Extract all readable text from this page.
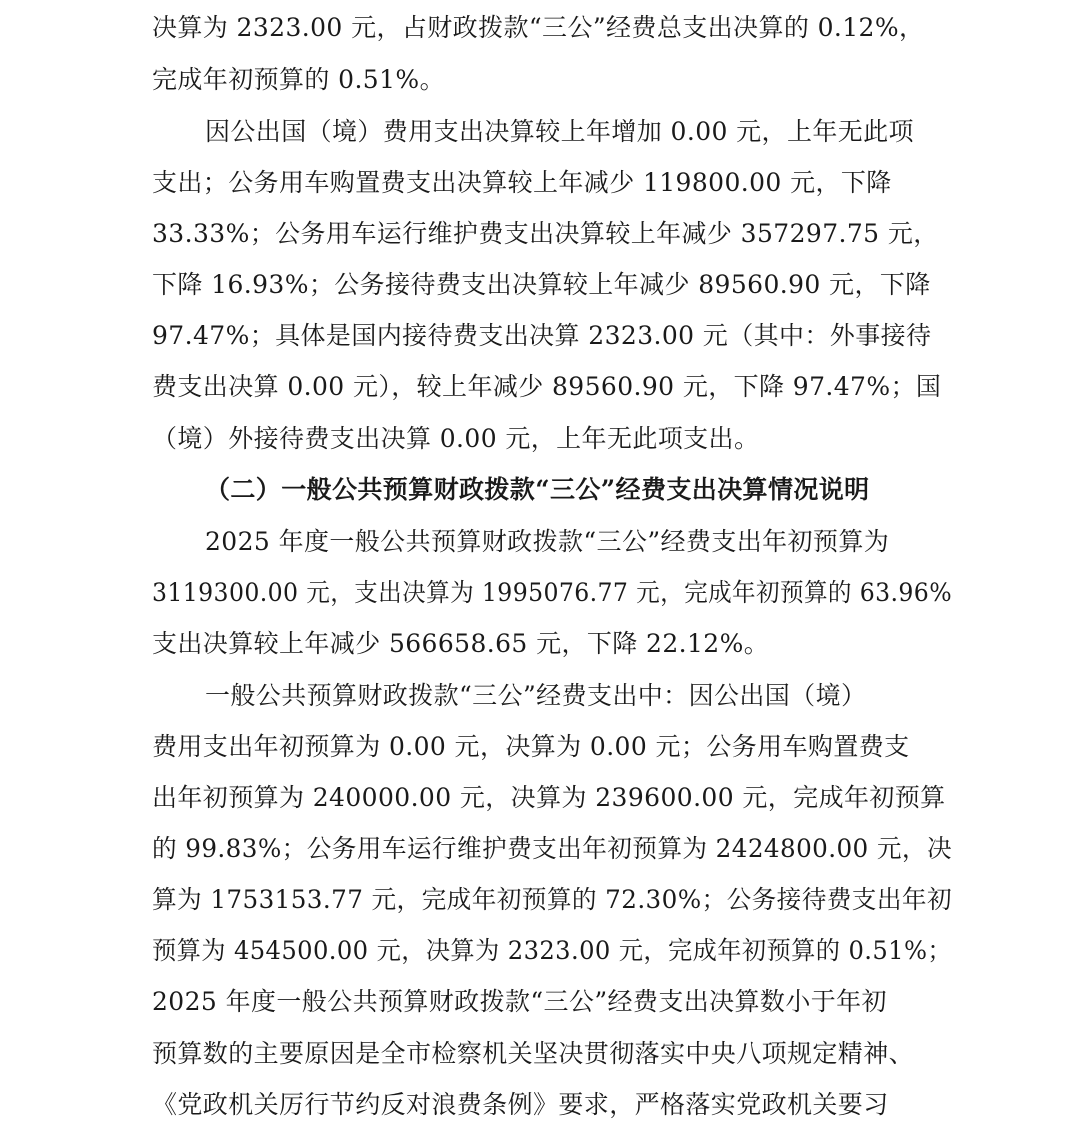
决算为 2323.00 元，占财政拨款“三公”经费总支出决算的 0.12%，
完成年初预算的 0.51%。
因公出国（境）费用支出决算较上年增加 0.00 元，上年无此项
支出；公务用车购置费支出决算较上年减少 119800.00 元，下降
33.33%；公务用车运行维护费支出决算较上年减少 357297.75 元，
下降 16.93%；公务接待费支出决算较上年减少 89560.90 元，下降
97.47%；具体是国内接待费支出决算 2323.00 元（其中：外事接待
费支出决算 0.00 元），较上年减少 89560.90 元，下降 97.47%；国
（境）外接待费支出决算 0.00 元，上年无此项支出。
（二）一般公共预算财政拨款“三公”经费支出决算情况说明
2025 年度一般公共预算财政拨款“三公”经费支出年初预算为
3119300.00 元，支出决算为 1995076.77 元，完成年初预算的 63.96%
支出决算较上年减少 566658.65 元，下降 22.12%。
一般公共预算财政拨款“三公”经费支出中：因公出国（境）
费用支出年初预算为 0.00 元，决算为 0.00 元；公务用车购置费支
出年初预算为 240000.00 元，决算为 239600.00 元，完成年初预算
的 99.83%；公务用车运行维护费支出年初预算为 2424800.00 元，决
算为 1753153.77 元，完成年初预算的 72.30%；公务接待费支出年初
预算为 454500.00 元，决算为 2323.00 元，完成年初预算的 0.51%；
2025 年度一般公共预算财政拨款“三公”经费支出决算数小于年初
预算数的主要原因是全市检察机关坚决贯彻落实中央八项规定精神、
《党政机关厉行节约反对浪费条例》要求，严格落实党政机关要习
